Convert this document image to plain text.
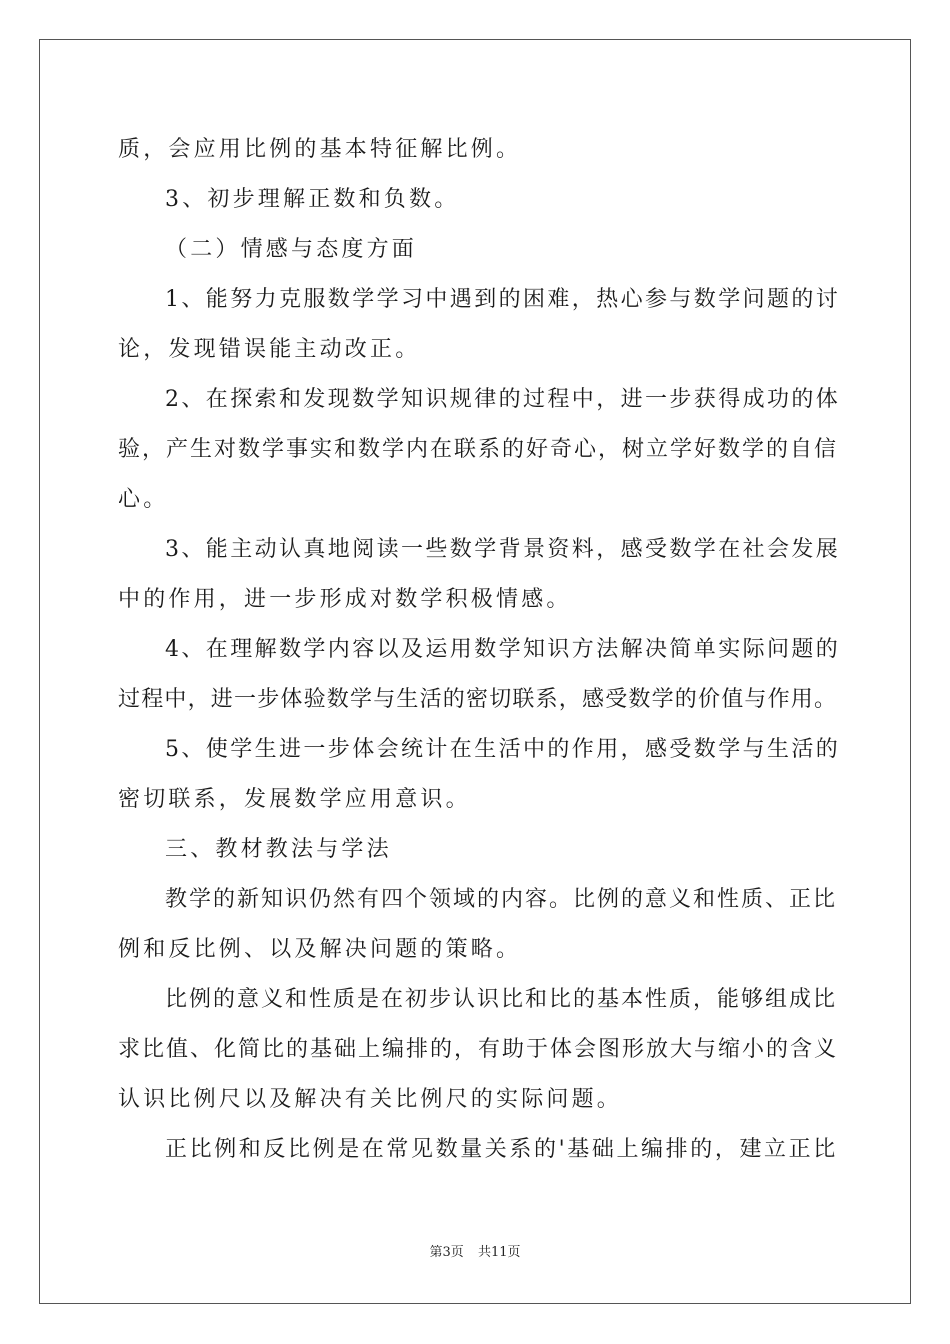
质，会应用比例的基本特征解比例。
3、初步理解正数和负数。
（二）情感与态度方面
1、能努力克服数学学习中遇到的困难，热心参与数学问题的讨
论，发现错误能主动改正。
2、在探索和发现数学知识规律的过程中，进一步获得成功的体
验，产生对数学事实和数学内在联系的好奇心，树立学好数学的自信
心。
3、能主动认真地阅读一些数学背景资料，感受数学在社会发展
中的作用，进一步形成对数学积极情感。
4、在理解数学内容以及运用数学知识方法解决简单实际问题的
过程中，进一步体验数学与生活的密切联系，感受数学的价值与作用。
5、使学生进一步体会统计在生活中的作用，感受数学与生活的
密切联系，发展数学应用意识。
三、教材教法与学法
教学的新知识仍然有四个领域的内容。比例的意义和性质、正比
例和反比例、以及解决问题的策略。
比例的意义和性质是在初步认识比和比的基本性质，能够组成比
求比值、化简比的基础上编排的，有助于体会图形放大与缩小的含义
认识比例尺以及解决有关比例尺的实际问题。
正比例和反比例是在常见数量关系的'基础上编排的，建立正比
第3页 共11页
